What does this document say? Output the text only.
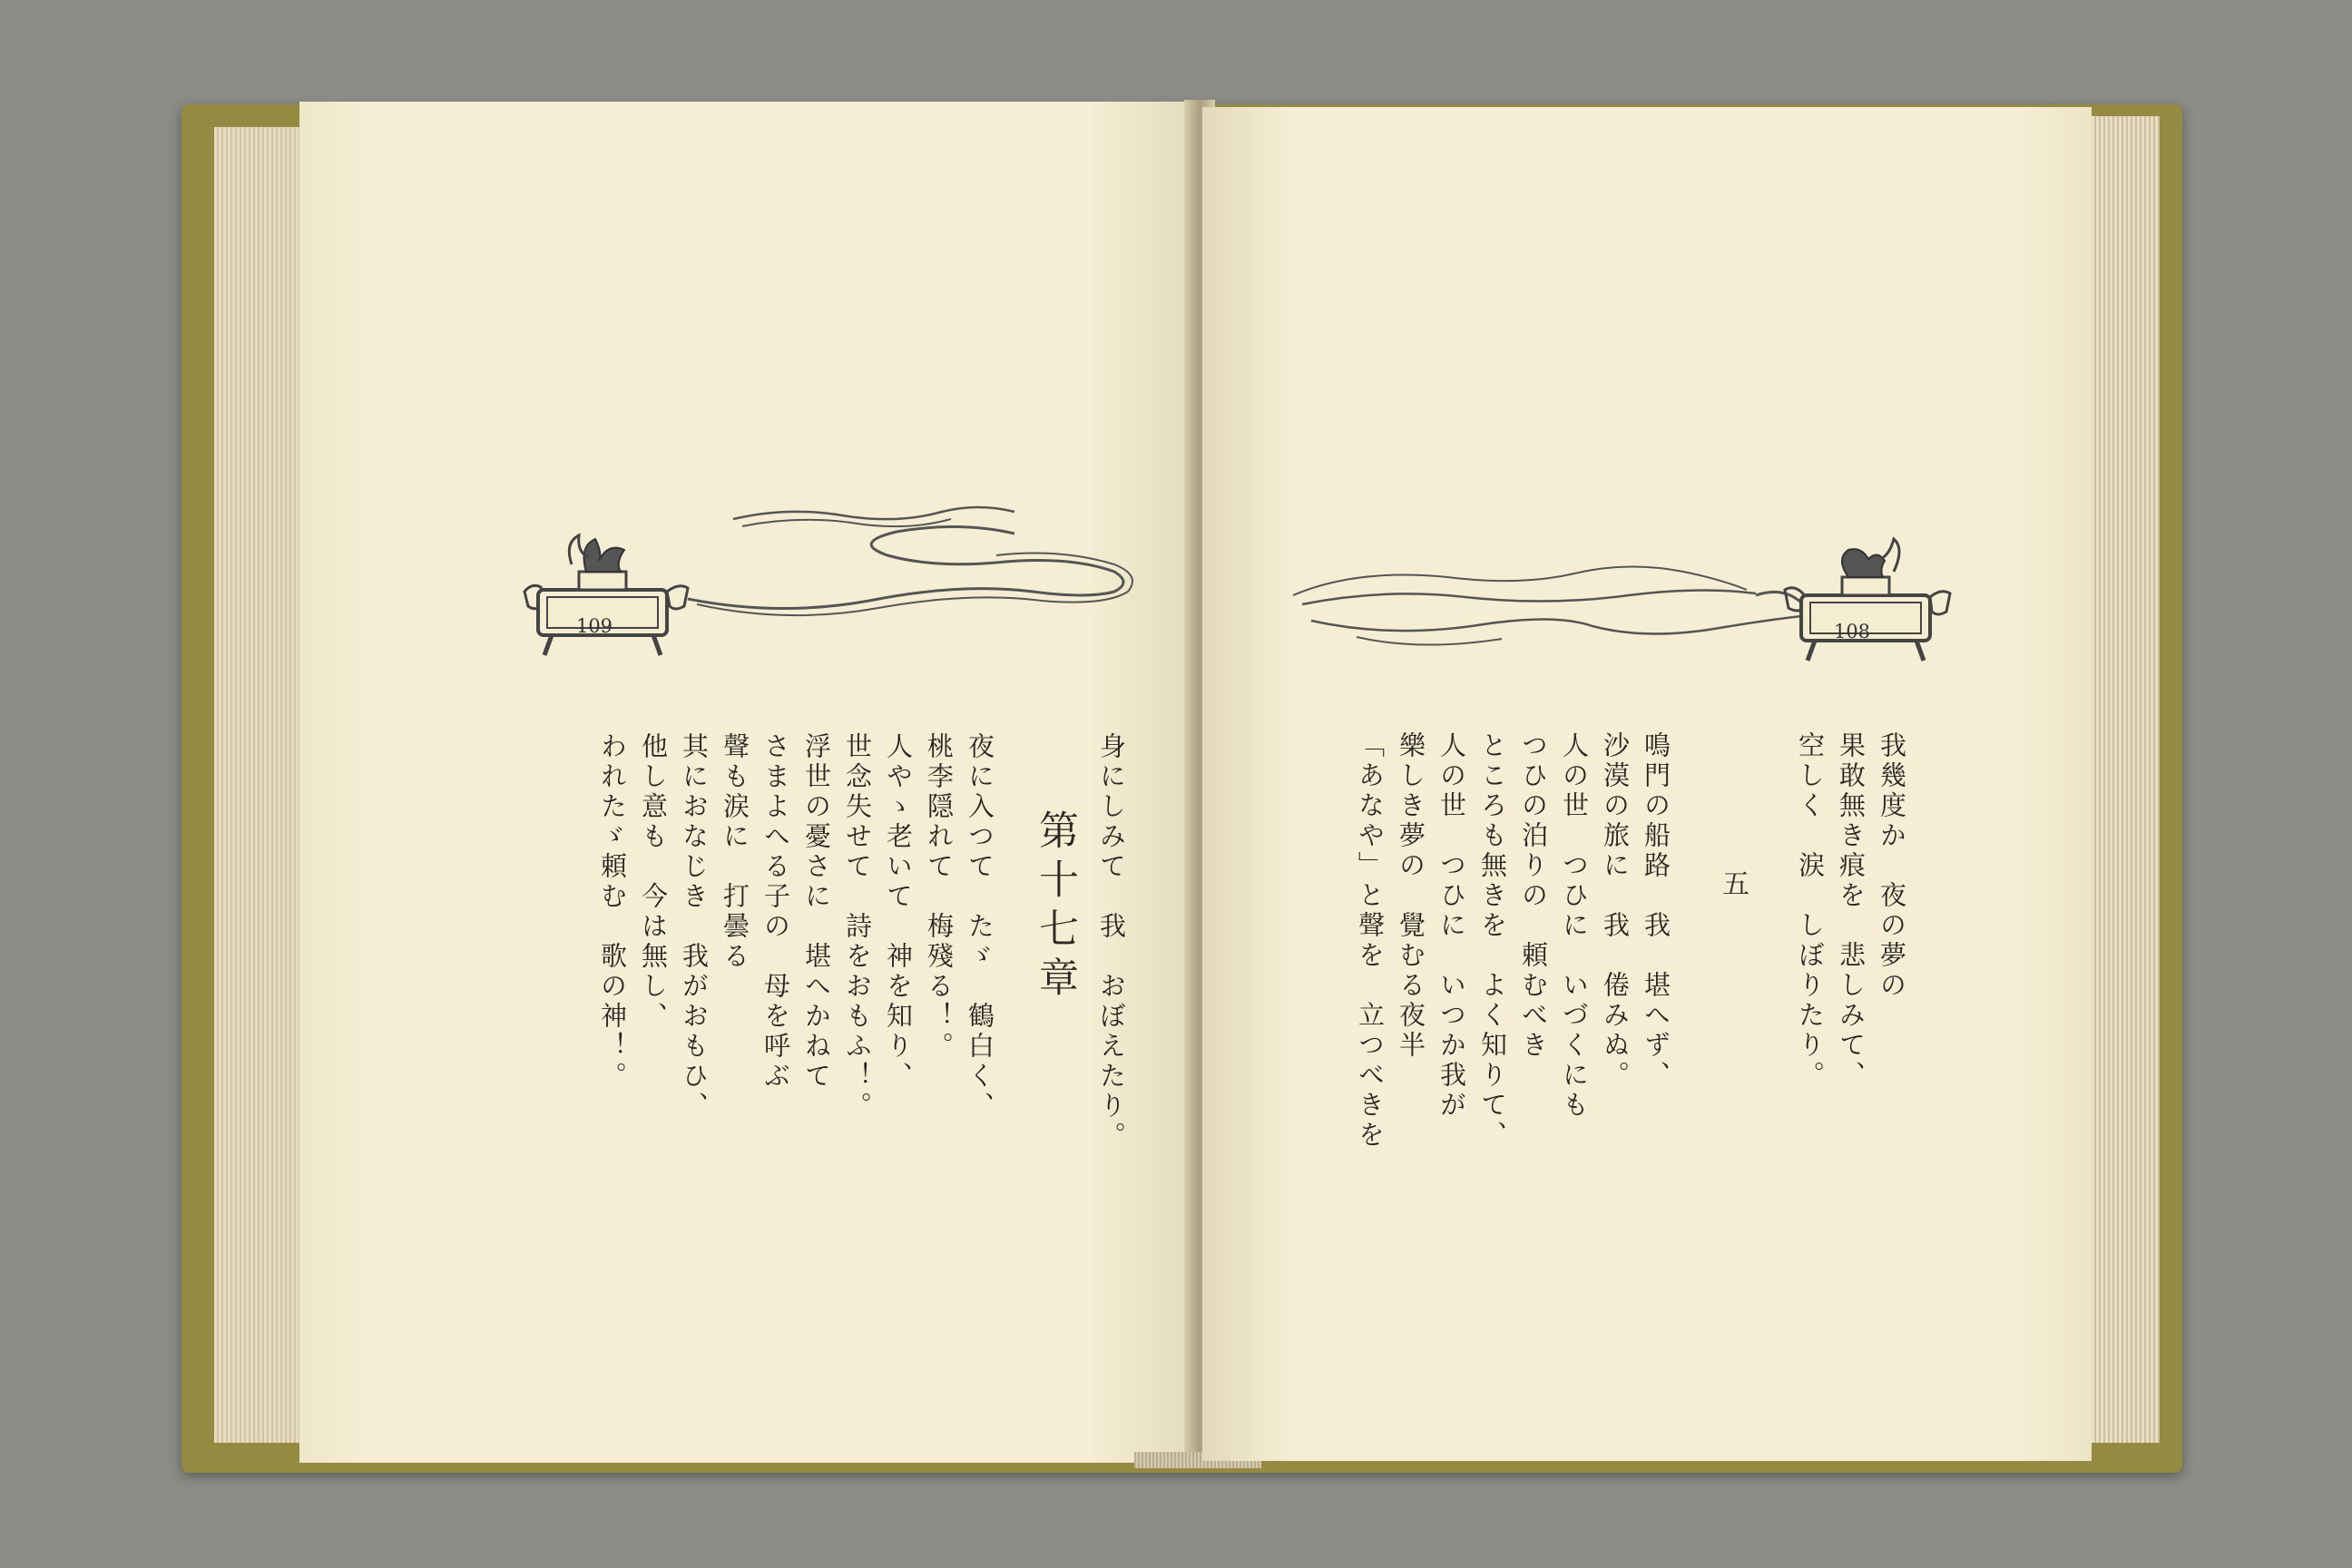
109
身にしみて　我　おぼえたり。
第十七章
夜に入つて　たゞ　鶴白く、
桃李隠れて　梅殘る！。
人やゝ老いて　神を知り、
世念失せて　詩をおもふ！。
浮世の憂さに　堪へかねて
さまよへる子の　母を呼ぶ
聲も涙に　打曇る
其におなじき　我がおもひ、
他し意も　今は無し、
われたゞ頼む　歌の神！。
108
我幾度か　夜の夢の
果敢無き痕を　悲しみて、
空しく　涙　しぼりたり。
五
鳴門の船路　我　堪へず、
沙漠の旅に　我　倦みぬ。
人の世　つひに　いづくにも
つひの泊りの　頼むべき
ところも無きを　よく知りて、
人の世　つひに　いつか我が
樂しき夢の　覺むる夜半
「あなや」と聲を　立つべきを
